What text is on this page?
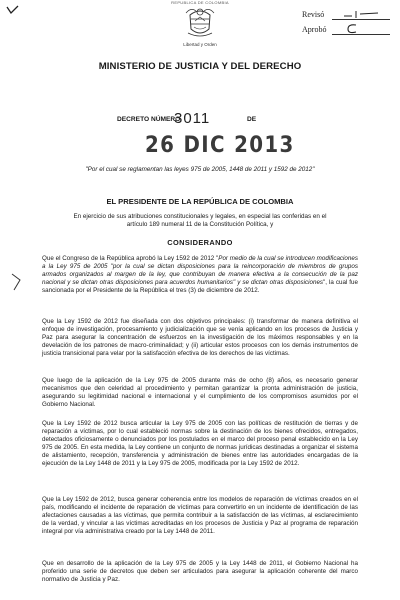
REPUBLICA DE COLOMBIA
Libertad y Orden
Revisó
Aprobó
MINISTERIO DE JUSTICIA Y DEL DERECHO
DECRETO NÚMERO
3011	DE
26 DIC 2013
"Por el cual se reglamentan las leyes 975 de 2005, 1448 de 2011 y 1592 de 2012"
EL PRESIDENTE DE LA REPÚBLICA DE COLOMBIA
En ejercicio de sus atribuciones constitucionales y legales, en especial las conferidas en el artículo 189 numeral 11 de la Constitución Política, y
CONSIDERANDO
Que el Congreso de la República aprobó la Ley 1592 de 2012 "Por medio de la cual se introducen modificaciones a la Ley 975 de 2005 "por la cual se dictan disposiciones para la reincorporación de miembros de grupos armados organizados al margen de la ley, que contribuyan de manera efectiva a la consecución de la paz nacional y se dictan otras disposiciones para acuerdos humanitarios" y se dictan otras disposiciones", la cual fue sancionada por el Presidente de la República el tres (3) de diciembre de 2012.
Que la Ley 1592 de 2012 fue diseñada con dos objetivos principales: (i) transformar de manera definitiva el enfoque de investigación, procesamiento y judicialización que se venía aplicando en los procesos de Justicia y Paz para asegurar la concentración de esfuerzos en la investigación de los máximos responsables y en la develación de los patrones de macro-criminalidad; y (ii) articular estos procesos con los demás instrumentos de justicia transicional para velar por la satisfacción efectiva de los derechos de las víctimas.
Que luego de la aplicación de la Ley 975 de 2005 durante más de ocho (8) años, es necesario generar mecanismos que den celeridad al procedimiento y permitan garantizar la pronta administración de justicia, asegurando su legitimidad nacional e internacional y el cumplimiento de los compromisos asumidos por el Gobierno Nacional.
Que la Ley 1592 de 2012 busca articular la Ley 975 de 2005 con las políticas de restitución de tierras y de reparación a víctimas, por lo cual estableció normas sobre la destinación de los bienes ofrecidos, entregados, detectados oficiosamente o denunciados por los postulados en el marco del proceso penal establecido en la Ley 975 de 2005. En esta medida, la Ley contiene un conjunto de normas jurídicas destinadas a organizar el sistema de alistamiento, recepción, transferencia y administración de bienes entre las autoridades encargadas de la ejecución de la Ley 1448 de 2011 y la Ley 975 de 2005, modificada por la Ley 1592 de 2012.
Que la Ley 1592 de 2012, busca generar coherencia entre los modelos de reparación de víctimas creados en el país, modificando el incidente de reparación de víctimas para convertirlo en un incidente de identificación de las afectaciones causadas a las víctimas, que permita contribuir a la satisfacción de las víctimas, al esclarecimiento de la verdad, y vincular a las víctimas acreditadas en los procesos de Justicia y Paz al programa de reparación integral por vía administrativa creado por la Ley 1448 de 2011.
Que en desarrollo de la aplicación de la Ley 975 de 2005 y la Ley 1448 de 2011, el Gobierno Nacional ha proferido una serie de decretos que deben ser articulados para asegurar la aplicación coherente del marco normativo de Justicia y Paz.
